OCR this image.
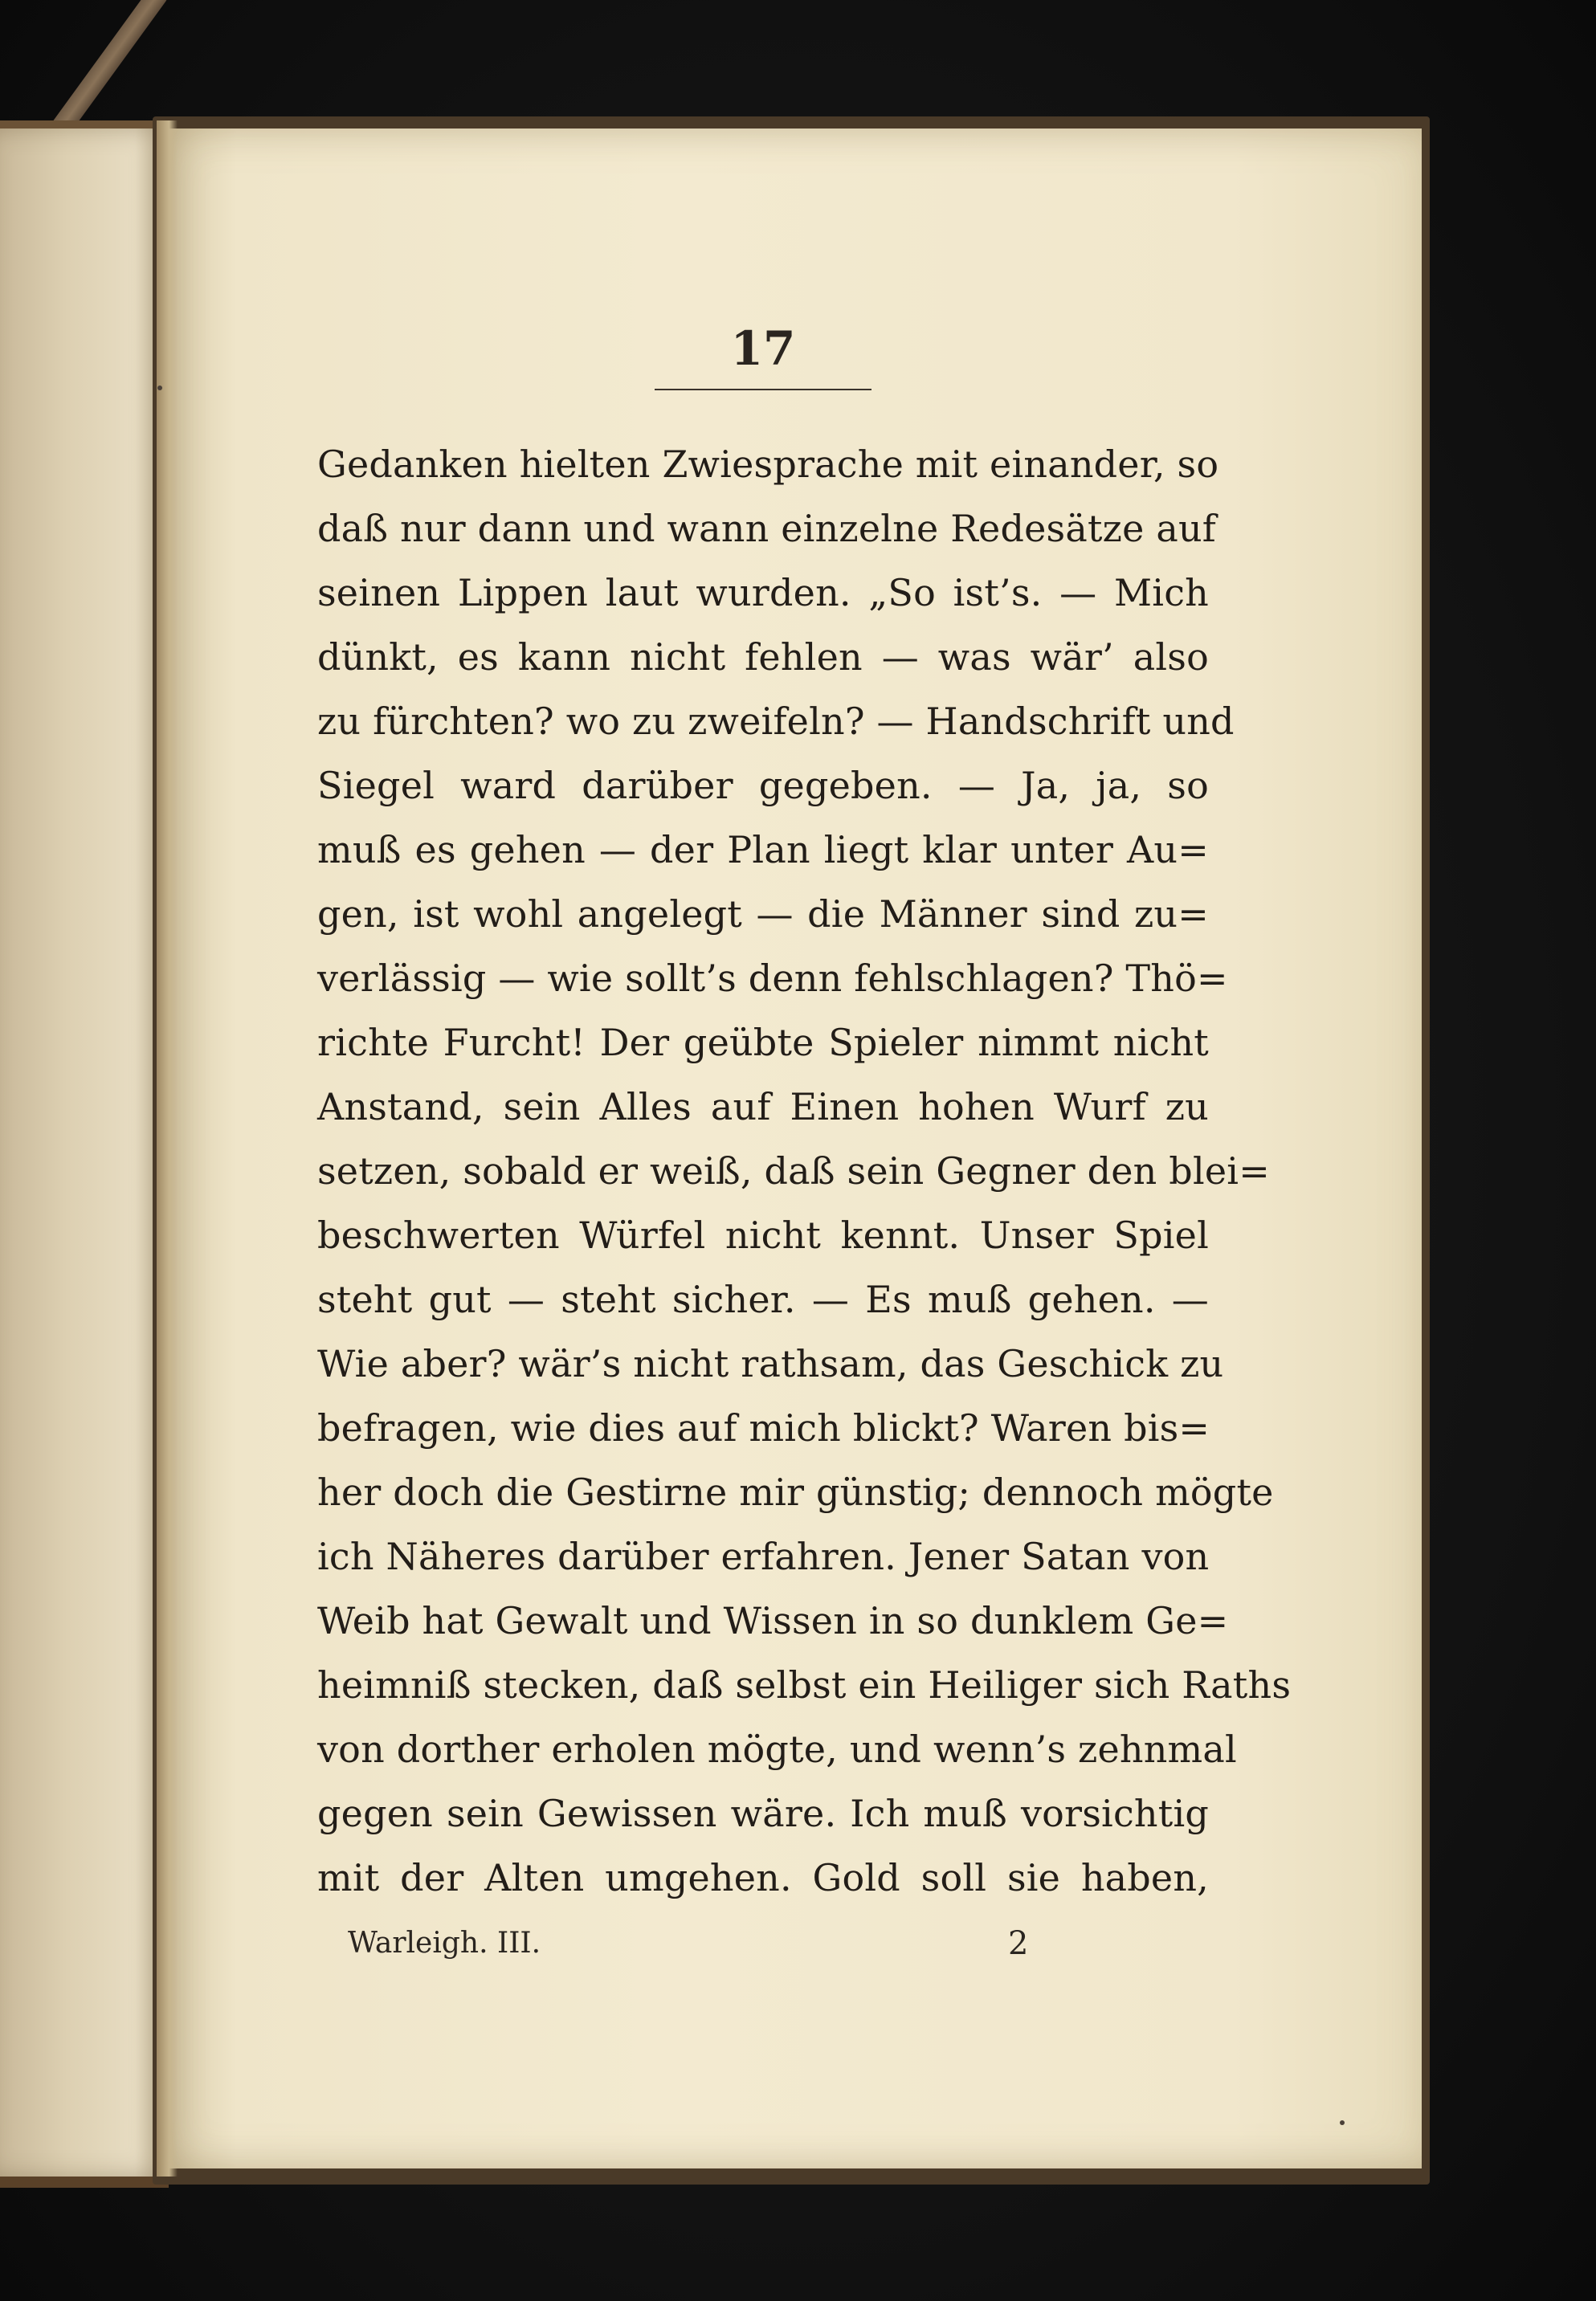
17
Gedanken hielten Zwiesprache mit einander, so
daß nur dann und wann einzelne Redesätze auf
seinen Lippen laut wurden. „So ist’s. — Mich
dünkt, es kann nicht fehlen — was wär’ also
zu fürchten? wo zu zweifeln? — Handschrift und
Siegel ward darüber gegeben. — Ja, ja, so
muß es gehen — der Plan liegt klar unter Au=
gen, ist wohl angelegt — die Männer sind zu=
verlässig — wie sollt’s denn fehlschlagen? Thö=
richte Furcht! Der geübte Spieler nimmt nicht
Anstand, sein Alles auf Einen hohen Wurf zu
setzen, sobald er weiß, daß sein Gegner den blei=
beschwerten Würfel nicht kennt. Unser Spiel
steht gut — steht sicher. — Es muß gehen. —
Wie aber? wär’s nicht rathsam, das Geschick zu
befragen, wie dies auf mich blickt? Waren bis=
her doch die Gestirne mir günstig; dennoch mögte
ich Näheres darüber erfahren. Jener Satan von
Weib hat Gewalt und Wissen in so dunklem Ge=
heimniß stecken, daß selbst ein Heiliger sich Raths
von dorther erholen mögte, und wenn’s zehnmal
gegen sein Gewissen wäre. Ich muß vorsichtig
mit der Alten umgehen. Gold soll sie haben,
Warleigh. III.	2
